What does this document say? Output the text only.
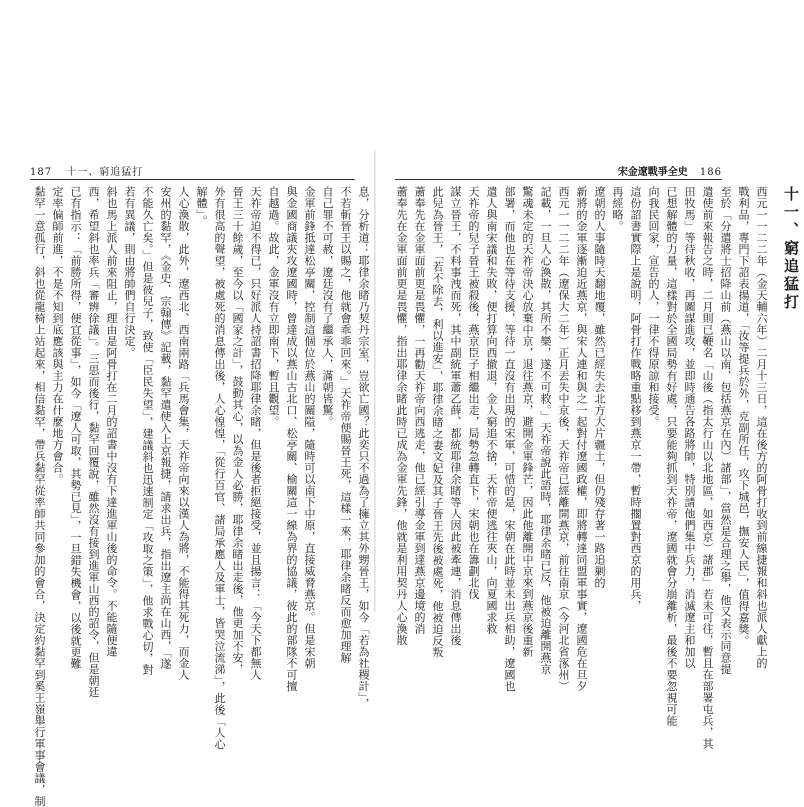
187 十一、窮追猛打	宋金遼戰爭全史 186
息，分析道：耶律余睹乃契丹宗室，豈欲亡國？此奕只不過為了擁立其外甥晉王，如今「若為社稷計」，
不若斬晉王以賜之，他就會乖乖回來。」天祚帝便賜晉王死，這樣一來，耶律余睹反而愈加理解
自己罪不可赦，遼廷沒有了繼承人，滿朝皆驚。
金軍前鋒抵達松亭關，控制這個位於燕山的關隘，隨時可以南下中原，直接威脅燕京。但是宋朝
與金國商議夾攻遼國時，曾達成以燕山古北口、松亭關、榆關這一線為界的協議，彼此的部隊不可擅
自越過。故此，金軍沒有立即南下，暫且觀望。
天祚帝迫不得已，只好派人持詔書招降耶律余睹，但是後者拒絕接受，並且揚言：「今天下都無人
晉王三十餘歲，至今以「國家之計」，鼓動其心，以為金人必勝，耶律余睹出走後，他更加不安，
外有很高的聲望，被處死的消息傳出後，人心惶惶，「從行百官、諸局承應人及軍士，皆哭泣流涕」，此後「人心
解體」。
人心渙散，此外，遼西北、西南兩路「兵馬會集，天祚帝向來以漢人為將，不能得其死力，而金人
安州的黏罕，《金史．宗翰傳》記載，黏罕遣使入上京報捷，請求出兵，指出遼主尚在山西，「遂
不能久亡矣。」但是彼兒子，致使「臣民失望」，建議斜也迅速制定「攻取之策」，他求戰心切，對
若有異議，則由將帥們自行決定。
斜也馬上派人前來阻止，理由是阿骨打在二月的詔書中沒有下達進軍山後的命令。不能隨便違
西，希望斜也率兵「審辨徐議」。三思而後行，黏罕回覆說，雖然沒有接到進軍山西的詔令，但是朝廷
已有指示：「前勝所得，便宜從事」，如今「遼人可取，其勢已見」，一旦錯失機會，以後就更難
定率偏師前進，不是不知到底應該與主力在什麼地方會合。
黏罕一意孤行，斜也從龍椅上站起來，相信黏罕，帶兵黏罕從率師共同參加的會合，決定約黏罕到奚王嶺舉行軍事會議，制	十一、窮追猛打
西元一一二二年（金天輔六年）二月十三日，這在後方的阿骨打收到前線捷報和斜也派人獻上的
戰利品，專門下詔表揚道，「汝等提兵於外，克副所任，攻下城邑，撫安人民」，值得嘉獎。
至於「分遣將士招降山前（燕山以南，包括燕京在內）諸部」，當然是合理之舉，他又表示同意提
遣使前來報告之時，二月則已鞭名「山後（指太行山以北地區，如西京）諸郡」若未可往，暫且在部署屯兵，其
田牧馬」等待秋收，再圖謀進攻，並即時通告各路將帥，特別請他們集中兵力，消滅遼主和加以
已想解體的力量，這樣對於全國局勢有好處，只要能夠抓到天祚帝，遼國就會分崩離析，最後不要忽視可能
向我民回家，宣告的人，一律不得原諒和接受。
這份詔書實際上是說明，阿骨打作戰略重點移到燕京一帶，暫時擱置對西京的用兵，
再經略。
遼朝的人事隨時天翻地覆，雖然已經失去北方大片疆土，但仍殘存著一路追剿的
新將的金軍逐漸迫近燕京，與宋人連和與之一起對付遼國政權，即將轉達同盟軍事實，遼國危在旦夕
西元一一二二年（遼保大二年）正月丟失中京後，天祚帝已經離開燕京，前往南京（今河北省涿州）
記載，一旦人心渙散，其所不樂，遂不可救。」天祚帝說此語時，耶律余睹已反，他被迫離開燕京
驚魂未定的天祚帝決心放棄中京，退往燕京，避開金軍鋒芒，因此他離開中京來到燕京後重新
部署，而他也在等待支援，等待一直沒有出現的宋軍，可惜的是，宋朝在此時並未出兵相助，遼國也
遣人與南宋議和失敗，便打算向西撤退，金人窮追不捨，天祚帝便逃往夾山，向夏國求救
天祚帝的兒子晉王被殺後，燕京臣子相繼出走，局勢急轉直下，宋朝也在籌劃北伐
謀立晉王，不料事洩而死，其中副統軍蕭乙薛、都統耶律余睹等人因此被牽連，消息傳出後
此兒為晉王，「若不除去，利以進安」，耶律余睹之妻文妃及其子晉王先後被處死，他被迫反叛
蕭奉先在金軍面前更是畏懼，一再勸天祚帝向西逃走，他已經引導金軍到達燕京邊境的消
蕭奉先在金軍面前更是畏懼，指出耶律余睹此時已成為金軍先鋒，他就是利用契丹人心渙散
